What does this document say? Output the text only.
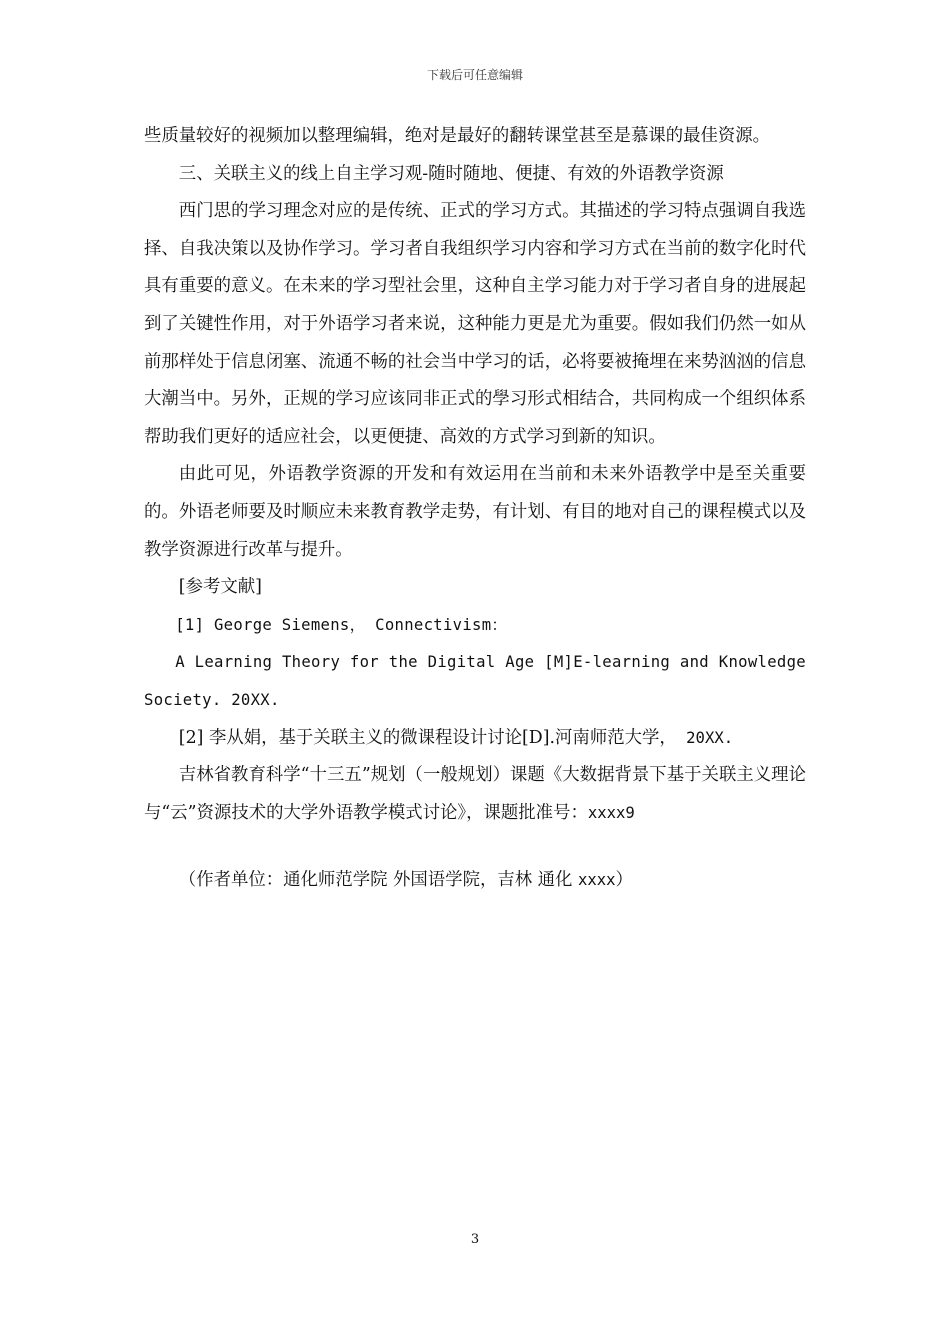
下载后可任意编辑

些质量较好的视频加以整理编辑，绝对是最好的翻转课堂甚至是慕课的最佳资源。

三、关联主义的线上自主学习观-随时随地、便捷、有效的外语教学资源

西门思的学习理念对应的是传统、正式的学习方式。其描述的学习特点强调自我选择、自我决策以及协作学习。学习者自我组织学习内容和学习方式在当前的数字化时代具有重要的意义。在未来的学习型社会里，这种自主学习能力对于学习者自身的进展起到了关键性作用，对于外语学习者来说，这种能力更是尤为重要。假如我们仍然一如从前那样处于信息闭塞、流通不畅的社会当中学习的话，必将要被掩埋在来势汹汹的信息大潮当中。另外，正规的学习应该同非正式的學习形式相结合，共同构成一个组织体系帮助我们更好的适应社会，以更便捷、高效的方式学习到新的知识。

由此可见，外语教学资源的开发和有效运用在当前和未来外语教学中是至关重要的。外语老师要及时顺应未来教育教学走势，有计划、有目的地对自己的课程模式以及教学资源进行改革与提升。

[参考文献]

[1] George Siemens， Connectivism：

A Learning Theory for the Digital Age [M]E-learning and Knowledge Society. 20XX.

[2] 李从娟，基于关联主义的微课程设计讨论[D].河南师范大学， 20XX.

吉林省教育科学“十三五”规划（一般规划）课题《大数据背景下基于关联主义理论与“云”资源技术的大学外语教学模式讨论》，课题批准号：xxxx9

（作者单位：通化师范学院 外国语学院，吉林 通化 xxxx）

3
